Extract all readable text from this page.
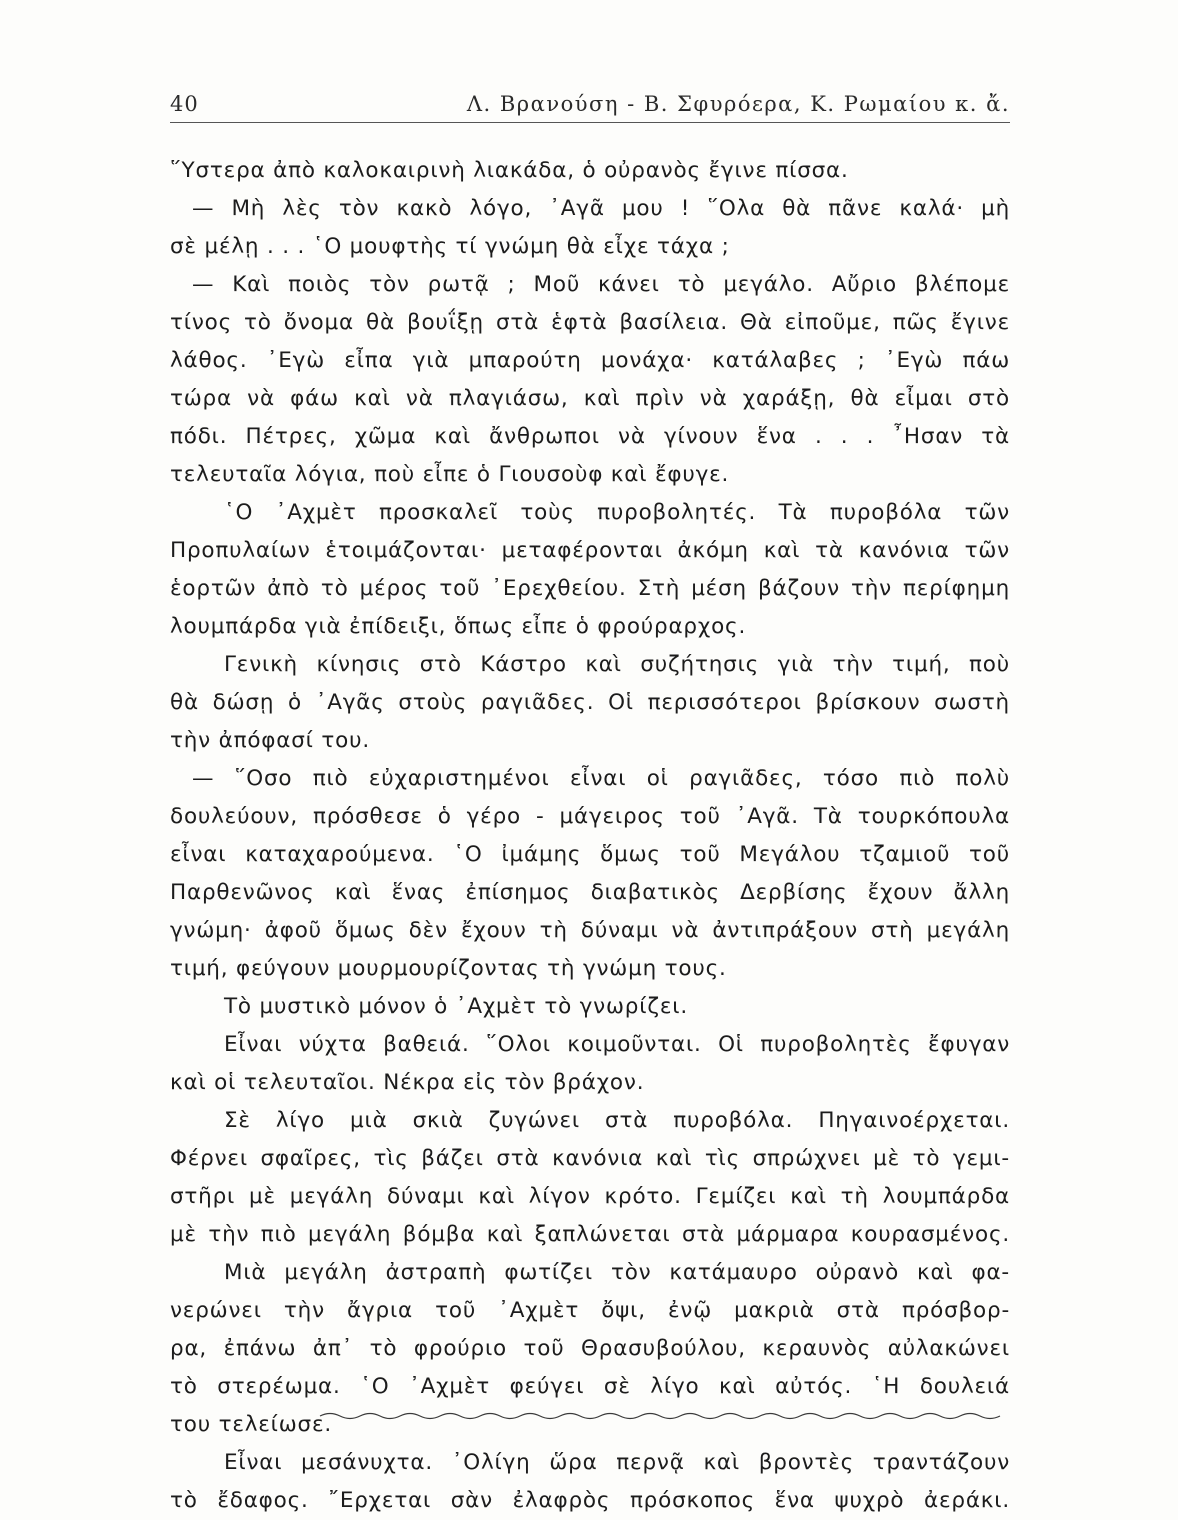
40	Λ. Βρανούση - Β. Σφυρόερα, Κ. Ρωμαίου κ. ἄ.
῞Υστερα ἀπὸ καλοκαιρινὴ λιακάδα, ὁ οὐρανὸς ἔγινε πίσσα.
— Μὴ λὲς τὸν κακὸ λόγο, ᾽Αγᾶ μου ! ῞Ολα θὰ πᾶνε καλά· μὴ
σὲ μέλῃ . . . ῾Ο μουφτὴς τί γνώμη θὰ εἶχε τάχα ;
— Καὶ ποιὸς τὸν ρωτᾷ ; Μοῦ κάνει τὸ μεγάλο. Αὔριο βλέπομε
τίνος τὸ ὄνομα θὰ βουΐξῃ στὰ ἑφτὰ βασίλεια. Θὰ εἰποῦμε, πῶς ἔγινε
λάθος. ᾽Εγὼ εἶπα γιὰ μπαρούτη μονάχα· κατάλαβες ; ᾽Εγὼ πάω
τώρα νὰ φάω καὶ νὰ πλαγιάσω, καὶ πρὶν νὰ χαράξῃ, θὰ εἶμαι στὸ
πόδι. Πέτρες, χῶμα καὶ ἄνθρωποι νὰ γίνουν ἕνα . . . ῏Ησαν τὰ
τελευταῖα λόγια, ποὺ εἶπε ὁ Γιουσοὺφ καὶ ἔφυγε.
῾Ο ᾽Αχμὲτ προσκαλεῖ τοὺς πυροβολητές. Τὰ πυροβόλα τῶν
Προπυλαίων ἑτοιμάζονται· μεταφέρονται ἀκόμη καὶ τὰ κανόνια τῶν
ἑορτῶν ἀπὸ τὸ μέρος τοῦ ᾽Ερεχθείου. Στὴ μέση βάζουν τὴν περίφημη
λουμπάρδα γιὰ ἐπίδειξι, ὅπως εἶπε ὁ φρούραρχος.
Γενικὴ κίνησις στὸ Κάστρο καὶ συζήτησις γιὰ τὴν τιμή, ποὺ
θὰ δώσῃ ὁ ᾽Αγᾶς στοὺς ραγιᾶδες. Οἱ περισσότεροι βρίσκουν σωστὴ
τὴν ἀπόφασί του.
— ῞Οσο πιὸ εὐχαριστημένοι εἶναι οἱ ραγιᾶδες, τόσο πιὸ πολὺ
δουλεύουν, πρόσθεσε ὁ γέρο - μάγειρος τοῦ ᾽Αγᾶ. Τὰ τουρκόπουλα
εἶναι καταχαρούμενα. ῾Ο ἰμάμης ὅμως τοῦ Μεγάλου τζαμιοῦ τοῦ
Παρθενῶνος καὶ ἕνας ἐπίσημος διαβατικὸς Δερβίσης ἔχουν ἄλλη
γνώμη· ἀφοῦ ὅμως δὲν ἔχουν τὴ δύναμι νὰ ἀντιπράξουν στὴ μεγάλη
τιμή, φεύγουν μουρμουρίζοντας τὴ γνώμη τους.
Τὸ μυστικὸ μόνον ὁ ᾽Αχμὲτ τὸ γνωρίζει.
Εἶναι νύχτα βαθειά. ῞Ολοι κοιμοῦνται. Οἱ πυροβολητὲς ἔφυγαν
καὶ οἱ τελευταῖοι. Νέκρα εἰς τὸν βράχον.
Σὲ λίγο μιὰ σκιὰ ζυγώνει στὰ πυροβόλα. Πηγαινοέρχεται.
Φέρνει σφαῖρες, τὶς βάζει στὰ κανόνια καὶ τὶς σπρώχνει μὲ τὸ γεμι-
στῆρι μὲ μεγάλη δύναμι καὶ λίγον κρότο. Γεμίζει καὶ τὴ λουμπάρδα
μὲ τὴν πιὸ μεγάλη βόμβα καὶ ξαπλώνεται στὰ μάρμαρα κουρασμένος.
Μιὰ μεγάλη ἀστραπὴ φωτίζει τὸν κατάμαυρο οὐρανὸ καὶ φα-
νερώνει τὴν ἄγρια τοῦ ᾽Αχμὲτ ὄψι, ἐνῷ μακριὰ στὰ πρόσβορ-
ρα, ἐπάνω ἀπ᾽ τὸ φρούριο τοῦ Θρασυβούλου, κεραυνὸς αὐλακώνει
τὸ στερέωμα. ῾Ο ᾽Αχμὲτ φεύγει σὲ λίγο καὶ αὐτός. ῾Η δουλειά
του τελείωσε.
Εἶναι μεσάνυχτα. ᾽Ολίγη ὥρα περνᾷ καὶ βροντὲς τραντάζουν
τὸ ἔδαφος. ῎Ερχεται σὰν ἐλαφρὸς πρόσκοπος ἕνα ψυχρὸ ἀεράκι.
